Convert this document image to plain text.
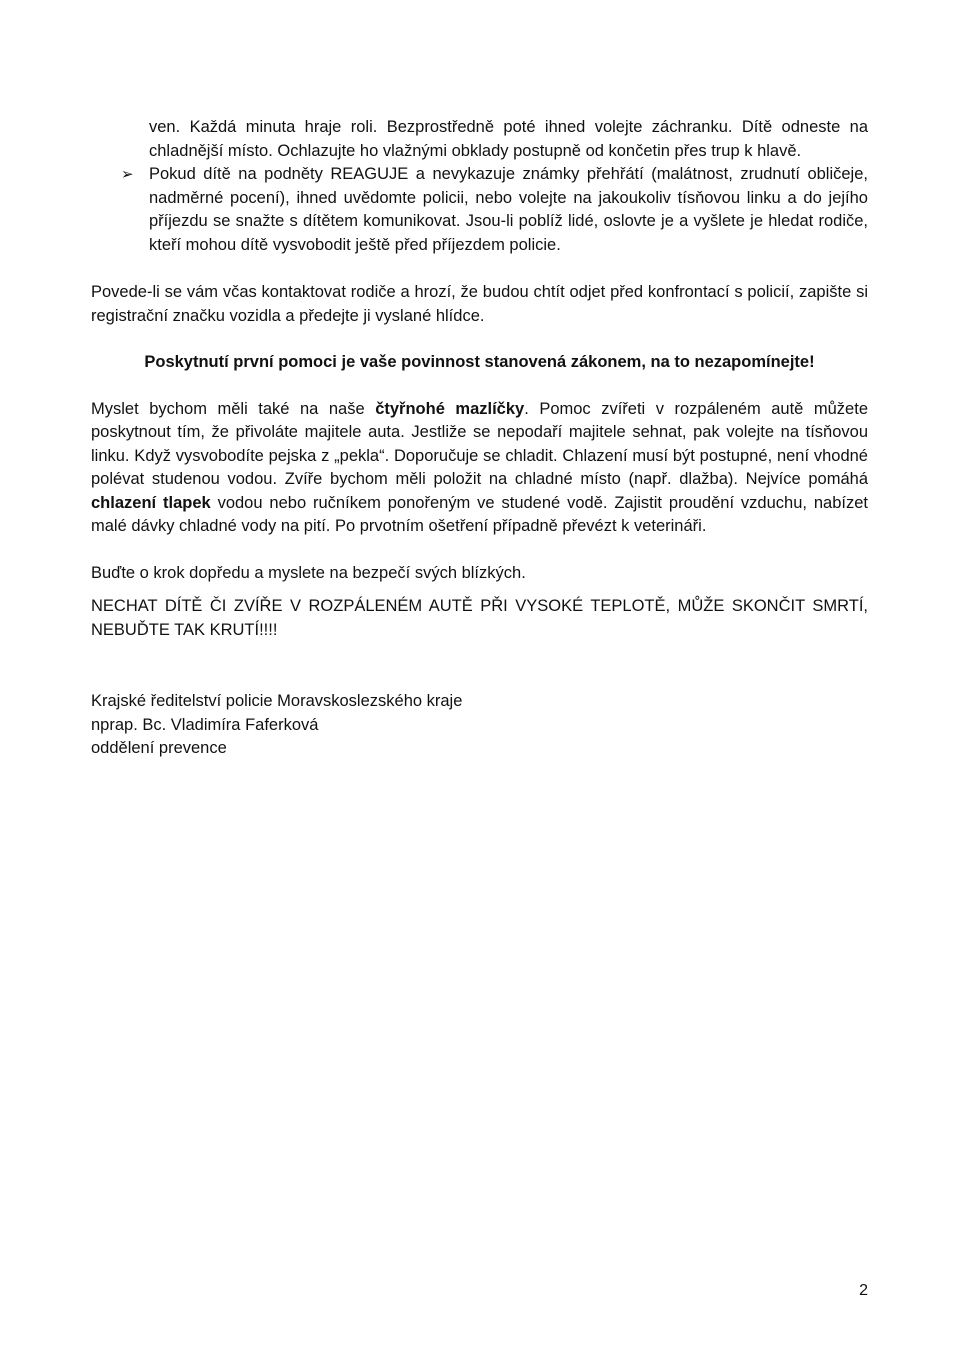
ven. Každá minuta hraje roli. Bezprostředně poté ihned volejte záchranku. Dítě odneste na chladnější místo. Ochlazujte ho vlažnými obklady postupně od končetin přes trup k hlavě.

➢ Pokud dítě na podněty REAGUJE a nevykazuje známky přehřátí (malátnost, zrudnutí obličeje, nadměrné pocení), ihned uvědomte policii, nebo volejte na jakoukoliv tísňovou linku a do jejího příjezdu se snažte s dítětem komunikovat. Jsou-li poblíž lidé, oslovte je a vyšlete je hledat rodiče, kteří mohou dítě vysvobodit ještě před příjezdem policie.

Povede-li se vám včas kontaktovat rodiče a hrozí, že budou chtít odjet před konfrontací s policií, zapište si registrační značku vozidla a předejte ji vyslané hlídce.

Poskytnutí první pomoci je vaše povinnost stanovená zákonem, na to nezapomínejte!

Myslet bychom měli také na naše čtyřnohé mazlíčky. Pomoc zvířeti v rozpáleném autě můžete poskytnout tím, že přivoláte majitele auta. Jestliže se nepodaří majitele sehnat, pak volejte na tísňovou linku. Když vysvobodíte pejska z „pekla“. Doporučuje se chladit. Chlazení musí být postupné, není vhodné polévat studenou vodou. Zvíře bychom měli položit na chladné místo (např. dlažba). Nejvíce pomáhá chlazení tlapek vodou nebo ručníkem ponořeným ve studené vodě. Zajistit proudění vzduchu, nabízet malé dávky chladné vody na pití. Po prvotním ošetření případně převézt k veterináři.

Buďte o krok dopředu a myslete na bezpečí svých blízkých.

NECHAT DÍTĚ ČI ZVÍŘE V ROZPÁLENÉM AUTĚ PŘI VYSOKÉ TEPLOTĚ, MŮŽE SKONČIT SMRTÍ, NEBUĎTE TAK KRUTÍ!!!!

Krajské ředitelství policie Moravskoslezského kraje
nprap. Bc. Vladimíra Faferková
oddělení prevence
2
